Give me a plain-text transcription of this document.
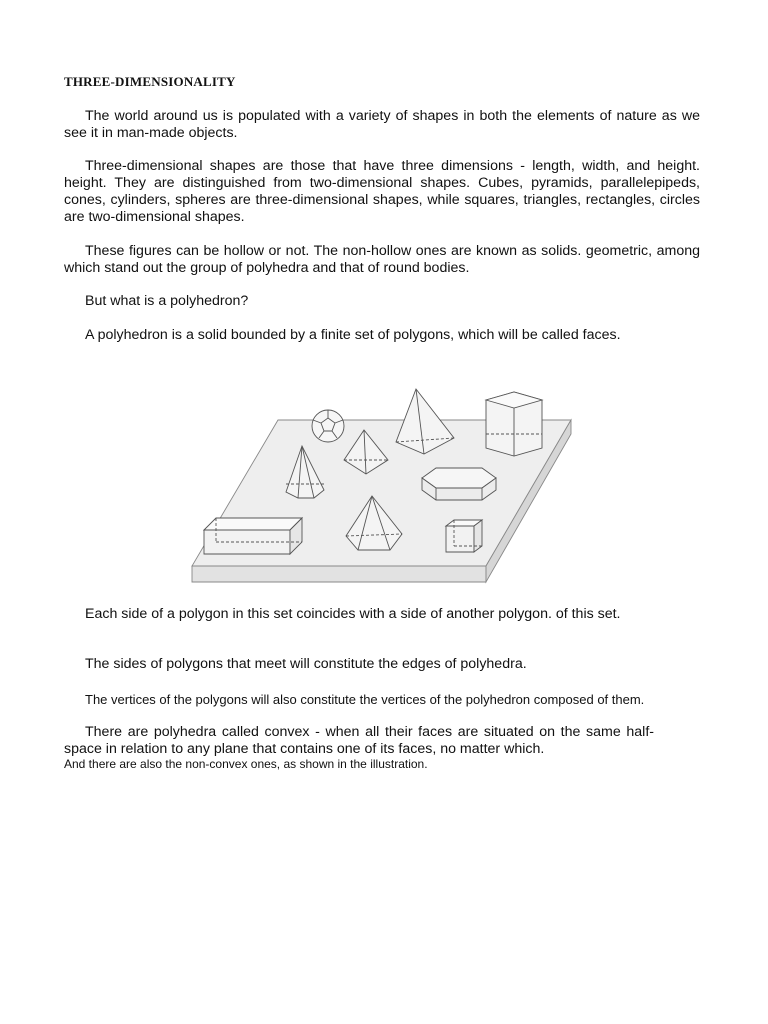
THREE-DIMENSIONALITY

The world around us is populated with a variety of shapes in both the elements of nature as we see it in man-made objects.

Three-dimensional shapes are those that have three dimensions - length, width, and height. height. They are distinguished from two-dimensional shapes. Cubes, pyramids, parallelepipeds, cones, cylinders, spheres are three-dimensional shapes, while squares, triangles, rectangles, circles are two-dimensional shapes.

These figures can be hollow or not. The non-hollow ones are known as solids. geometric, among which stand out the group of polyhedra and that of round bodies.

But what is a polyhedron?

A polyhedron is a solid bounded by a finite set of polygons, which will be called faces.

Each side of a polygon in this set coincides with a side of another polygon. of this set.

The sides of polygons that meet will constitute the edges of polyhedra.

The vertices of the polygons will also constitute the vertices of the polyhedron composed of them.

There are polyhedra called convex - when all their faces are situated on the same half-space in relation to any plane that contains one of its faces, no matter which.

And there are also the non-convex ones, as shown in the illustration.
